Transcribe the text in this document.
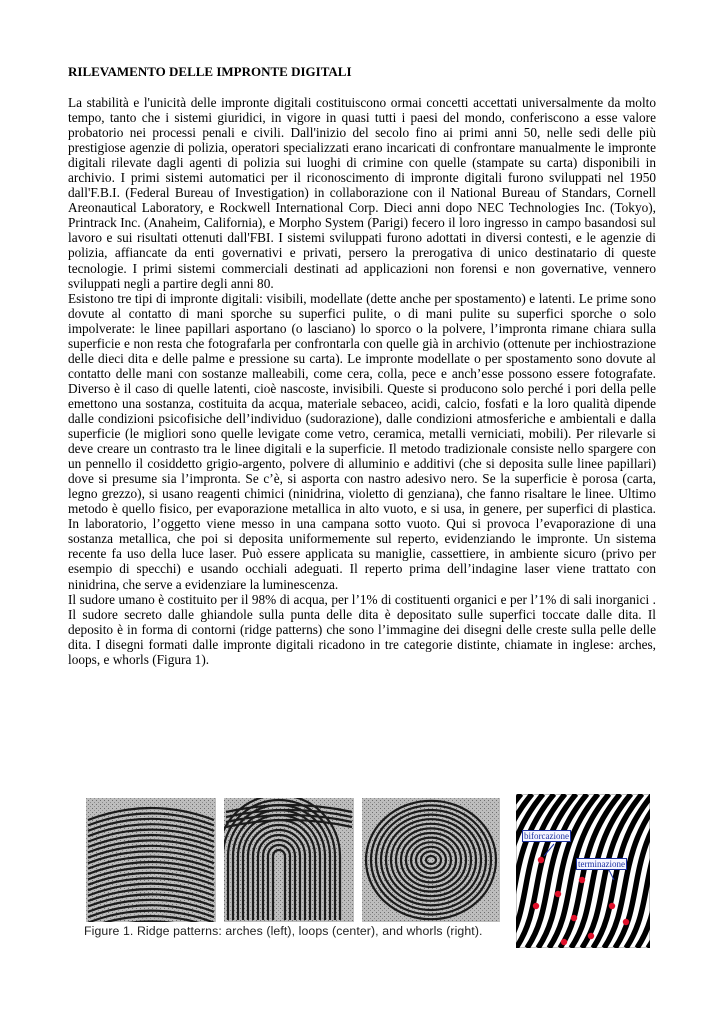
RILEVAMENTO DELLE IMPRONTE DIGITALI

La stabilità e l'unicità delle impronte digitali costituiscono ormai concetti accettati universalmente da molto tempo, tanto che i sistemi giuridici, in vigore in quasi tutti i paesi del mondo, conferiscono a esse valore probatorio nei processi penali e civili. Dall'inizio del secolo fino ai primi anni 50, nelle sedi delle più prestigiose agenzie di polizia, operatori specializzati erano incaricati di confrontare manualmente le impronte digitali rilevate dagli agenti di polizia sui luoghi di crimine con quelle (stampate su carta) disponibili in archivio. I primi sistemi automatici per il riconoscimento di impronte digitali furono sviluppati nel 1950 dall'F.B.I. (Federal Bureau of Investigation) in collaborazione con il National Bureau of Standars, Cornell Areonautical Laboratory, e Rockwell International Corp. Dieci anni dopo NEC Technologies Inc. (Tokyo), Printrack Inc. (Anaheim, California), e Morpho System (Parigi) fecero il loro ingresso in campo basandosi sul lavoro e sui risultati ottenuti dall'FBI. I sistemi sviluppati furono adottati in diversi contesti, e le agenzie di polizia, affiancate da enti governativi e privati, persero la prerogativa di unico destinatario di queste tecnologie. I primi sistemi commerciali destinati ad applicazioni non forensi e non governative, vennero sviluppati negli a partire degli anni 80.

Esistono tre tipi di impronte digitali: visibili, modellate (dette anche per spostamento) e latenti. Le prime sono dovute al contatto di mani sporche su superfici pulite, o di mani pulite su superfici sporche o solo impolverate: le linee papillari asportano (o lasciano) lo sporco o la polvere, l’impronta rimane chiara sulla superficie e non resta che fotografarla per confrontarla con quelle già in archivio (ottenute per inchiostrazione delle dieci dita e delle palme e pressione su carta). Le impronte modellate o per spostamento sono dovute al contatto delle mani con sostanze malleabili, come cera, colla, pece e anch’esse possono essere fotografate. Diverso è il caso di quelle latenti, cioè nascoste, invisibili. Queste si producono solo perché i pori della pelle emettono una sostanza, costituita da acqua, materiale sebaceo, acidi, calcio, fosfati e la loro qualità dipende dalle condizioni psicofisiche dell’individuo (sudorazione), dalle condizioni atmosferiche e ambientali e dalla superficie (le migliori sono quelle levigate come vetro, ceramica, metalli verniciati, mobili). Per rilevarle si deve creare un contrasto tra le linee digitali e la superficie. Il metodo tradizionale consiste nello spargere con un pennello il cosiddetto grigio-argento, polvere di alluminio e additivi (che si deposita sulle linee papillari) dove si presume sia l’impronta. Se c’è, si asporta con nastro adesivo nero. Se la superficie è porosa (carta, legno grezzo), si usano reagenti chimici (ninidrina, violetto di genziana), che fanno risaltare le linee. Ultimo metodo è quello fisico, per evaporazione metallica in alto vuoto, e si usa, in genere, per superfici di plastica. In laboratorio, l’oggetto viene messo in una campana sotto vuoto. Qui si provoca l’evaporazione di una sostanza metallica, che poi si deposita uniformemente sul reperto, evidenziando le impronte. Un sistema recente fa uso della luce laser. Può essere applicata su maniglie, cassettiere, in ambiente sicuro (privo per esempio di specchi) e usando occhiali adeguati. Il reperto prima dell’indagine laser viene trattato con ninidrina, che serve a evidenziare la luminescenza.

Il sudore umano è costituito per il 98% di acqua, per l’1% di costituenti organici e per l’1% di sali inorganici . Il sudore secreto dalle ghiandole sulla punta delle dita è depositato sulle superfici toccate dalle dita. Il deposito è in forma di contorni (ridge patterns) che sono l’immagine dei disegni delle creste sulla pelle delle dita. I disegni formati dalle impronte digitali ricadono in tre categorie distinte, chiamate in inglese: arches, loops, e whorls (Figura 1).

Figure 1. Ridge patterns: arches (left), loops (center), and whorls (right).
biforcazione
terminazione
